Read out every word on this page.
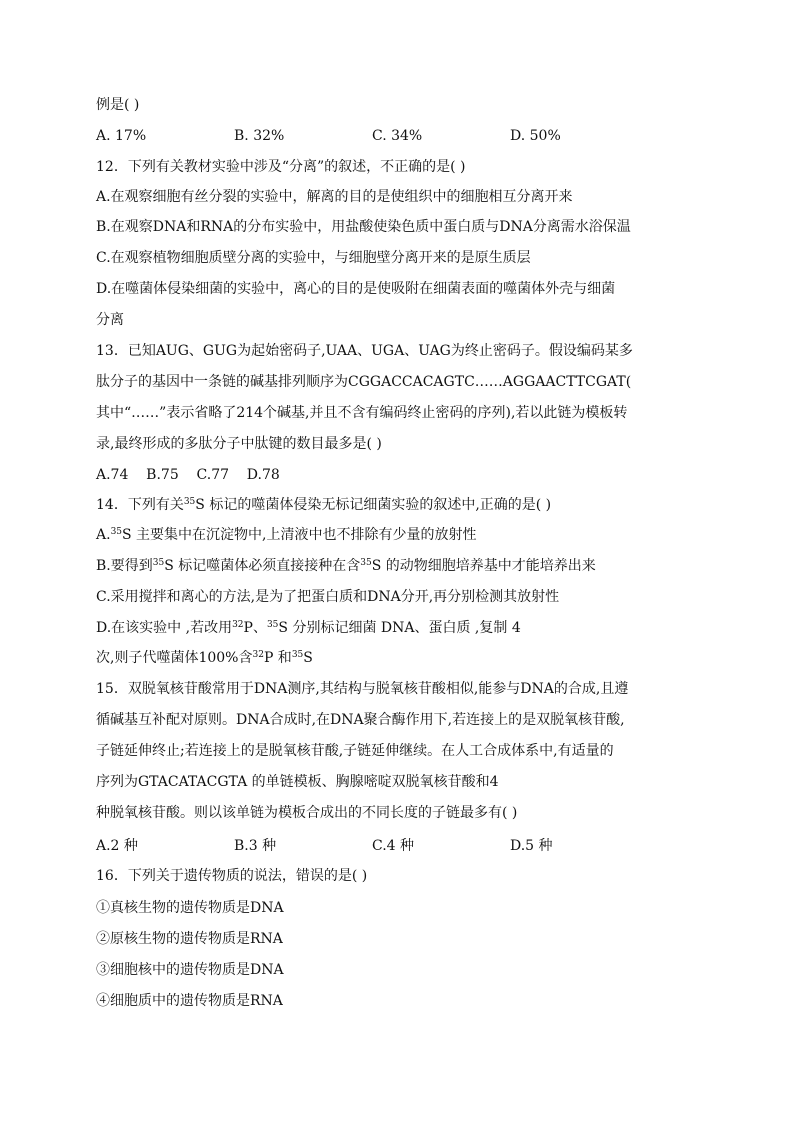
例是( )
A. 17%	B. 32%	C. 34%	D. 50%
12．下列有关教材实验中涉及“分离”的叙述，不正确的是( )
A.在观察细胞有丝分裂的实验中，解离的目的是使组织中的细胞相互分离开来
B.在观察DNA和RNA的分布实验中，用盐酸使染色质中蛋白质与DNA分离需水浴保温
C.在观察植物细胞质壁分离的实验中，与细胞壁分离开来的是原生质层
D.在噬菌体侵染细菌的实验中，离心的目的是使吸附在细菌表面的噬菌体外壳与细菌
分离
13．已知AUG、GUG为起始密码子,UAA、UGA、UAG为终止密码子。假设编码某多
肽分子的基因中一条链的碱基排列顺序为CGGACCACAGTC……AGGAACTTCGAT(
其中“……”表示省略了214个碱基,并且不含有编码终止密码的序列),若以此链为模板转
录,最终形成的多肽分子中肽键的数目最多是( )
A.74    B.75    C.77    D.78
14．下列有关$^{35}$S 标记的噬菌体侵染无标记细菌实验的叙述中,正确的是( )
A.$^{35}$S 主要集中在沉淀物中,上清液中也不排除有少量的放射性
B.要得到$^{35}$S 标记噬菌体必须直接接种在含$^{35}$S 的动物细胞培养基中才能培养出来
C.采用搅拌和离心的方法,是为了把蛋白质和DNA分开,再分别检测其放射性
D.在该实验中 ,若改用$^{32}$P、$^{35}$S 分别标记细菌 DNA、蛋白质 ,复制 4
次,则子代噬菌体100%含$^{32}$P 和$^{35}$S
15．双脱氧核苷酸常用于DNA测序,其结构与脱氧核苷酸相似,能参与DNA的合成,且遵
循碱基互补配对原则。DNA合成时,在DNA聚合酶作用下,若连接上的是双脱氧核苷酸,
子链延伸终止;若连接上的是脱氧核苷酸,子链延伸继续。在人工合成体系中,有适量的
序列为GTACATACGTA 的单链模板、胸腺嘧啶双脱氧核苷酸和4
种脱氧核苷酸。则以该单链为模板合成出的不同长度的子链最多有( )
A.2 种	B.3 种	C.4 种	D.5 种
16．下列关于遗传物质的说法，错误的是( )
①真核生物的遗传物质是DNA
②原核生物的遗传物质是RNA
③细胞核中的遗传物质是DNA
④细胞质中的遗传物质是RNA
